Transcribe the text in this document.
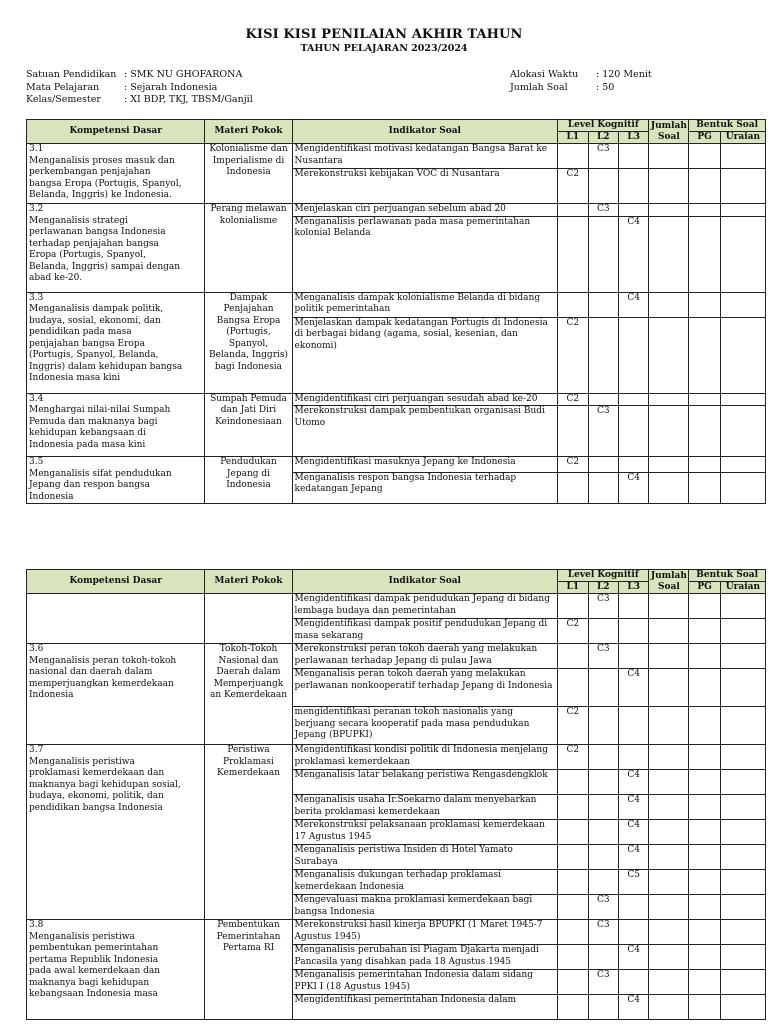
KISI KISI PENILAIAN AKHIR TAHUN
TAHUN PELAJARAN 2023/2024
Satuan Pendidikan : SMK NU GHOFARONA
Mata Pelajaran	: Sejarah Indonesia
Kelas/Semester	: XI BDP, TKJ, TBSM/Ganjil
Alokasi Waktu	: 120 Menit
Jumlah Soal	: 50
Kompetensi Dasar	Materi Pokok	Indikator Soal	Level Kognitif			Jumlah Soal	Bentuk Soal	
			L1	L2	L3		PG	Uraian
3.1Menganalisis proses masuk dan perkembangan penjajahan bangsa Eropa (Portugis, Spanyol, Belanda, Inggris) ke Indonesia.	Kolonialisme dan Imperialisme di Indonesia	Mengidentifikasi motivasi kedatangan Bangsa Barat ke Nusantara		C3				
		Merekonstruksi kebijakan VOC di Nusantara	C2					
3.2Menganalisis strategi perlawanan bangsa Indonesia terhadap penjajahan bangsa Eropa (Portugis, Spanyol, Belanda, Inggris) sampai dengan abad ke-20.	Perang melawan kolonialisme	Menjelaskan ciri perjuangan sebelum abad 20		C3				
		Menganalisis perlawanan pada masa pemerintahan kolonial Belanda			C4			
3.3Menganalisis dampak politik, budaya, sosial, ekonomi, dan pendidikan pada masa penjajahan bangsa Eropa (Portugis, Spanyol, Belanda, Inggris) dalam kehidupan bangsa Indonesia masa kini	Dampak Penjajahan Bangsa Eropa (Portugis, Spanyol, Belanda, Inggris) bagi Indonesia	Menganalisis dampak kolonialisme Belanda di bidang politik pemerintahan			C4			
		Menjelaskan dampak kedatangan Portugis di Indonesia di berbagai bidang (agama, sosial, kesenian, dan ekonomi)	C2					
3.4Menghargai nilai-nilai Sumpah Pemuda dan maknanya bagi kehidupan kebangsaan di Indonesia pada masa kini	Sumpah Pemuda dan Jati Diri Keindonesiaan	Mengidentifikasi ciri perjuangan sesudah abad ke-20	C2					
		Merekonstruksi dampak pembentukan organisasi Budi Utomo		C3				
3.5Menganalisis sifat pendudukan Jepang dan respon bangsa Indonesia	Pendudukan Jepang di Indonesia	Mengidentifikasi masuknya Jepang ke Indonesia	C2					
		Menganalisis respon bangsa Indonesia terhadap kedatangan Jepang			C4			
Kompetensi Dasar	Materi Pokok	Indikator Soal	Level Kognitif			Jumlah Soal	Bentuk Soal	
			L1	L2	L3		PG	Uraian
		Mengidentifikasi dampak pendudukan Jepang di bidang lembaga budaya dan pemerintahan		C3				
		Mengidentifikasi dampak positif pendudukan Jepang di masa sekarang	C2					
3.6Menganalisis peran tokoh-tokoh nasional dan daerah dalam memperjuangkan kemerdekaan Indonesia	Tokoh-Tokoh Nasional dan Daerah dalam Memperjuangk an Kemerdekaan	Merekonstruksi peran tokoh daerah yang melakukan perlawanan terhadap Jepang di pulau Jawa		C3				
		Menganalisis peran tokoh daerah yang melakukan perlawanan nonkooperatif terhadap Jepang di Indonesia			C4			
		mengidentifikasi peranan tokoh nasionalis yang berjuang secara kooperatif pada masa pendudukan Jepang (BPUPKI)	C2					
3.7Menganalisis peristiwa proklamasi kemerdekaan dan maknanya bagi kehidupan sosial, budaya, ekonomi, politik, dan pendidikan bangsa Indonesia	Peristiwa Proklamasi Kemerdekaan	Mengidentifikasi kondisi politik di Indonesia menjelang proklamasi kemerdekaan	C2					
		Menganalisis latar belakang peristiwa Rengasdengklok			C4			
		Menganalisis usaha Ir.Soekarno dalam menyebarkan berita proklamasi kemerdekaan			C4			
		Merekonstruksi pelaksanaan proklamasi kemerdekaan 17 Agustus 1945			C4			
		Menganalisis peristiwa Insiden di Hotel Yamato Surabaya			C4			
		Menganalisis dukungan terhadap proklamasi kemerdekaan Indonesia			C5			
		Mengevaluasi makna proklamasi kemerdekaan bagi bangsa Indonesia		C3				
3.8Menganalisis peristiwa pembentukan pemerintahan pertama Republik Indonesia pada awal kemerdekaan dan maknanya bagi kehidupan kebangsaan Indonesia masa	Pembentukan Pemerintahan Pertama RI	Merekonstruksi hasil kinerja BPUPKI (1 Maret 1945-7 Agustus 1945)		C3				
		Menganalisis perubahan isi Piagam Djakarta menjadi Pancasila yang disahkan pada 18 Agustus 1945			C4			
		Menganalisis pemerintahan Indonesia dalam sidang PPKI I (18 Agustus 1945)		C3				
		Mengidentifikasi pemerintahan Indonesia dalam			C4			
